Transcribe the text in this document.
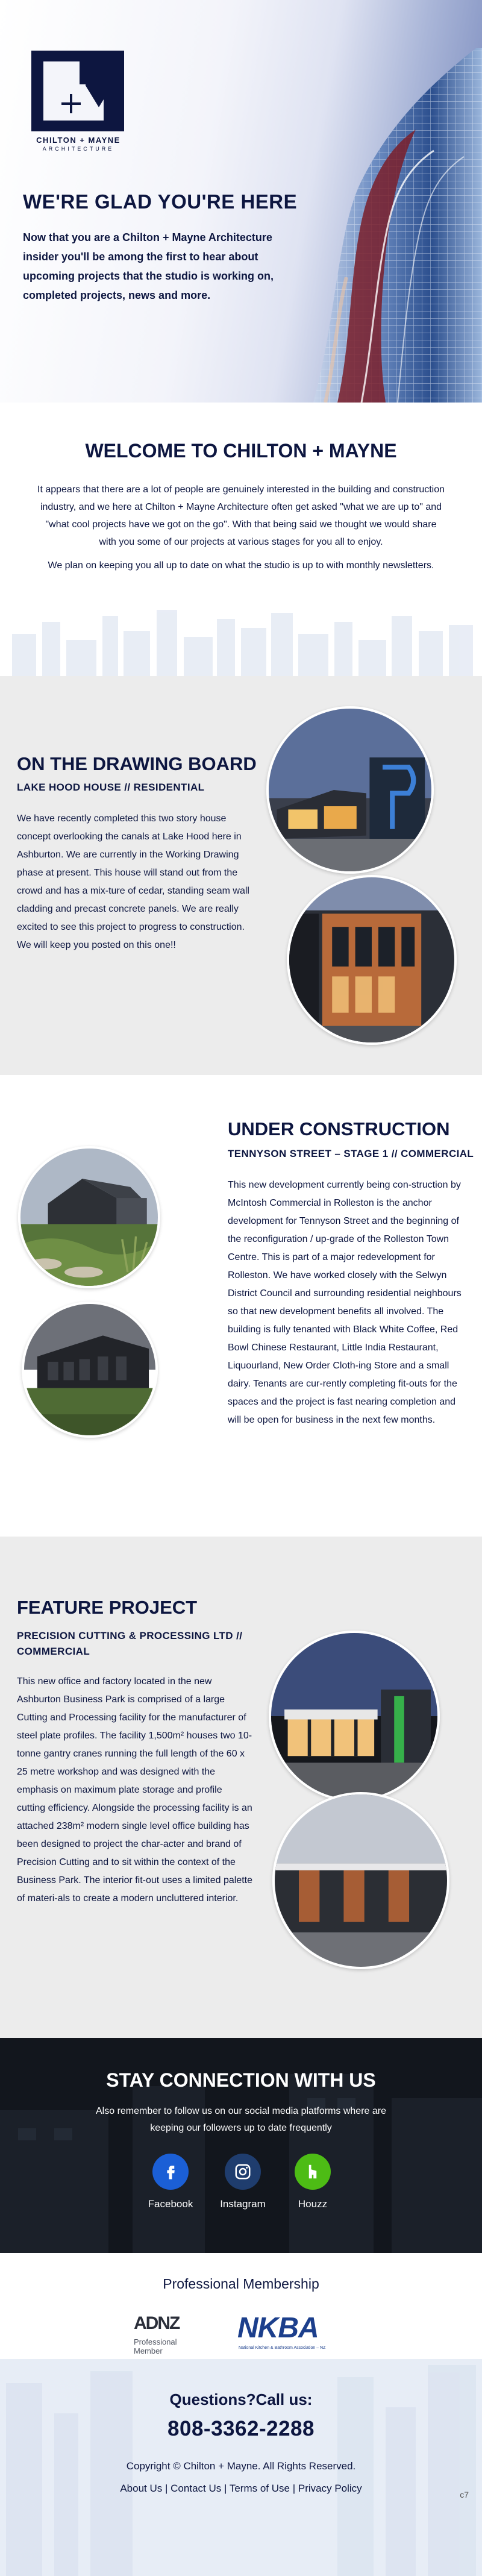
CHILTON + MAYNE
ARCHITECTURE
WE'RE GLAD YOU'RE HERE
Now that you are a Chilton + Mayne Architecture insider you'll be among the first to hear about upcoming projects that the studio is working on, completed projects, news and more.
WELCOME TO CHILTON + MAYNE

It appears that there are a lot of people are genuinely interested in the building and construction industry, and we here at Chilton + Mayne Architecture often get asked "what we are up to" and "what cool projects have we got on the go". With that being said we thought we would share with you some of our projects at various stages for you all to enjoy.

We plan on keeping you all up to date on what the studio is up to with monthly newsletters.

ON THE DRAWING BOARD
LAKE HOOD HOUSE // RESIDENTIAL
We have recently completed this two story house concept overlooking the canals at Lake Hood here in Ashburton. We are currently in the Working Drawing phase at present. This house will stand out from the crowd and has a mix-ture of cedar, standing seam wall cladding and precast concrete panels. We are really excited to see this project to progress to construction. We will keep you posted on this one!!
UNDER CONSTRUCTION
TENNYSON STREET – STAGE 1 // COMMERCIAL
This new development currently being con-struction by McIntosh Commercial in Rolleston is the anchor development for Tennyson Street and the beginning of the reconfiguration / up-grade of the Rolleston Town Centre. This is part of a major redevelopment for Rolleston. We have worked closely with the Selwyn District Council and surrounding residential neighbours so that new development benefits all involved. The building is fully tenanted with Black White Coffee, Red Bowl Chinese Restaurant, Little India Restaurant, Liquourland, New Order Cloth-ing Store and a small dairy. Tenants are cur-rently completing fit-outs for the spaces and the project is fast nearing completion and will be open for business in the next few months.
FEATURE PROJECT
PRECISION CUTTING & PROCESSING LTD // COMMERCIAL
This new office and factory located in the new Ashburton Business Park is comprised of a large Cutting and Processing facility for the manufacturer of steel plate profiles. The facility 1,500m² houses two 10-tonne gantry cranes running the full length of the 60 x 25 metre workshop and was designed with the emphasis on maximum plate storage and profile cutting efficiency. Alongside the processing facility is an attached 238m² modern single level office building has been designed to project the char-acter and brand of Precision Cutting and to sit within the context of the Business Park. The interior fit-out uses a limited palette of materi-als to create a modern uncluttered interior.
STAY CONNECTION WITH US
Also remember to follow us on our social media platforms where are keeping our followers up to date frequently
Facebook	Instagram	Houzz
Professional Membership
ADNZ
Professional
Member
NKBA
National Kitchen & Bathroom Association – NZ
Questions?Call us:
808-3362-2288
Copyright © Chilton + Mayne. All Rights Reserved.
About Us | Contact Us | Terms of Use | Privacy Policy
c7
